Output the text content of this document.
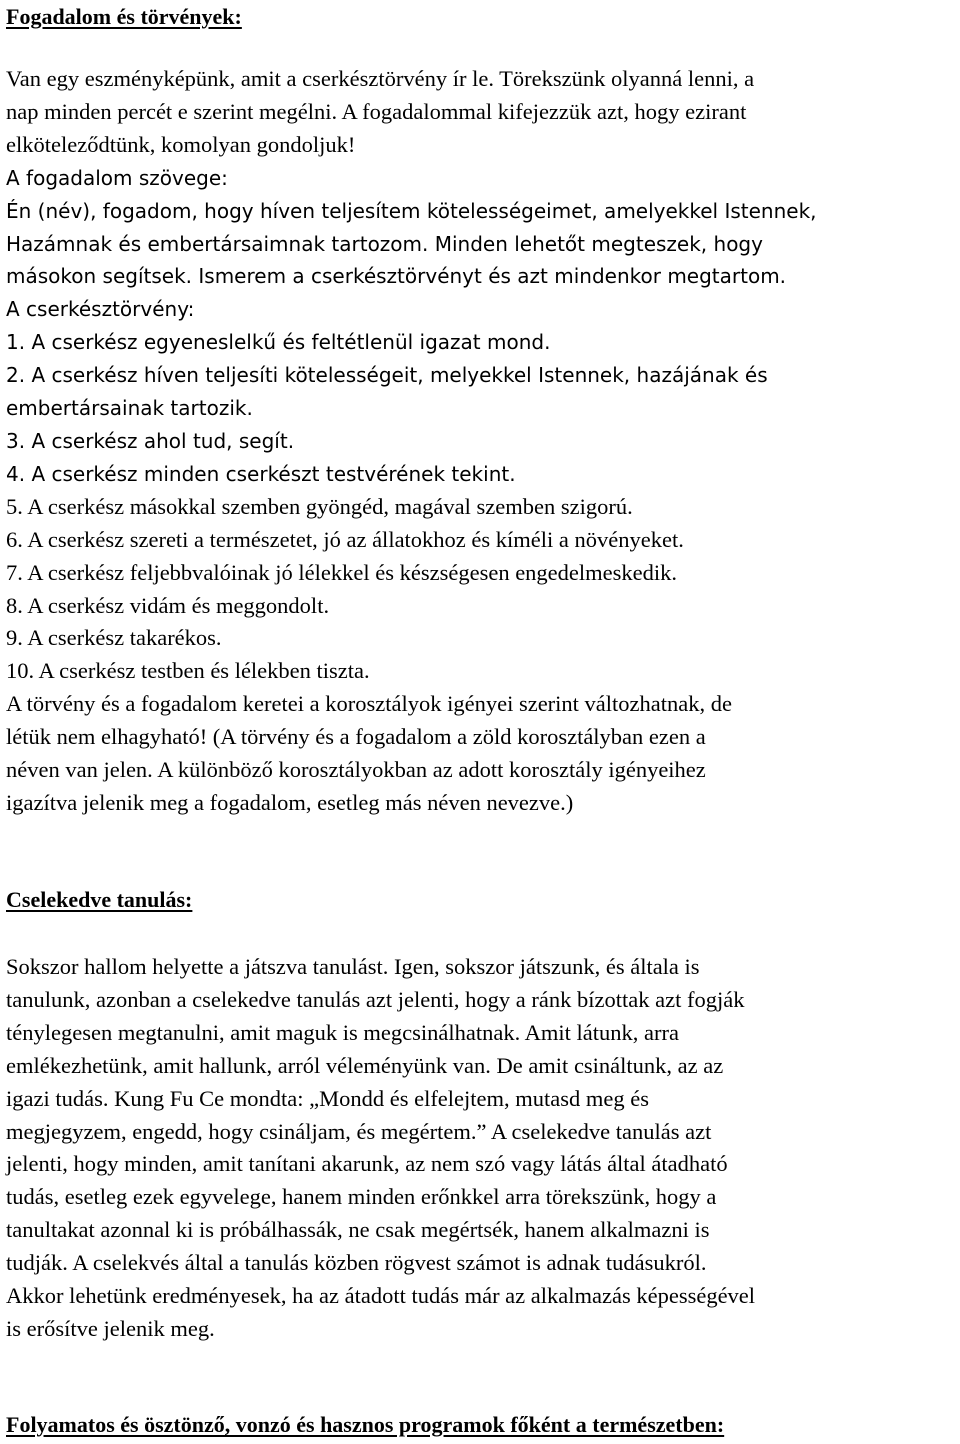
Fogadalom és törvények:
Van egy eszményképünk, amit a cserkésztörvény ír le. Törekszünk olyanná lenni, a
nap minden percét e szerint megélni. A fogadalommal kifejezzük azt, hogy ezirant
elköteleződtünk, komolyan gondoljuk!
A fogadalom szövege:
Én (név), fogadom, hogy híven teljesítem kötelességeimet, amelyekkel Istennek,
Hazámnak és embertársaimnak tartozom. Minden lehetőt megteszek, hogy
másokon segítsek. Ismerem a cserkésztörvényt és azt mindenkor megtartom.
A cserkésztörvény:
1. A cserkész egyeneslelkű és feltétlenül igazat mond.
2. A cserkész híven teljesíti kötelességeit, melyekkel Istennek, hazájának és
embertársainak tartozik.
3. A cserkész ahol tud, segít.
4. A cserkész minden cserkészt testvérének tekint.
5. A cserkész másokkal szemben gyöngéd, magával szemben szigorú.
6. A cserkész szereti a természetet, jó az állatokhoz és kíméli a növényeket.
7. A cserkész feljebbvalóinak jó lélekkel és készségesen engedelmeskedik.
8. A cserkész vidám és meggondolt.
9. A cserkész takarékos.
10. A cserkész testben és lélekben tiszta.
A törvény és a fogadalom keretei a korosztályok igényei szerint változhatnak, de
létük nem elhagyható! (A törvény és a fogadalom a zöld korosztályban ezen a
néven van jelen. A különböző korosztályokban az adott korosztály igényeihez
igazítva jelenik meg a fogadalom, esetleg más néven nevezve.)
Cselekedve tanulás:
Sokszor hallom helyette a játszva tanulást. Igen, sokszor játszunk, és általa is
tanulunk, azonban a cselekedve tanulás azt jelenti, hogy a ránk bízottak azt fogják
ténylegesen megtanulni, amit maguk is megcsinálhatnak. Amit látunk, arra
emlékezhetünk, amit hallunk, arról véleményünk van. De amit csináltunk, az az
igazi tudás. Kung Fu Ce mondta: „Mondd és elfelejtem, mutasd meg és
megjegyzem, engedd, hogy csináljam, és megértem.” A cselekedve tanulás azt
jelenti, hogy minden, amit tanítani akarunk, az nem szó vagy látás által átadható
tudás, esetleg ezek egyvelege, hanem minden erőnkkel arra törekszünk, hogy a
tanultakat azonnal ki is próbálhassák, ne csak megértsék, hanem alkalmazni is
tudják. A cselekvés által a tanulás közben rögvest számot is adnak tudásukról.
Akkor lehetünk eredményesek, ha az átadott tudás már az alkalmazás képességével
is erősítve jelenik meg.
Folyamatos és ösztönző, vonzó és hasznos programok főként a természetben:
